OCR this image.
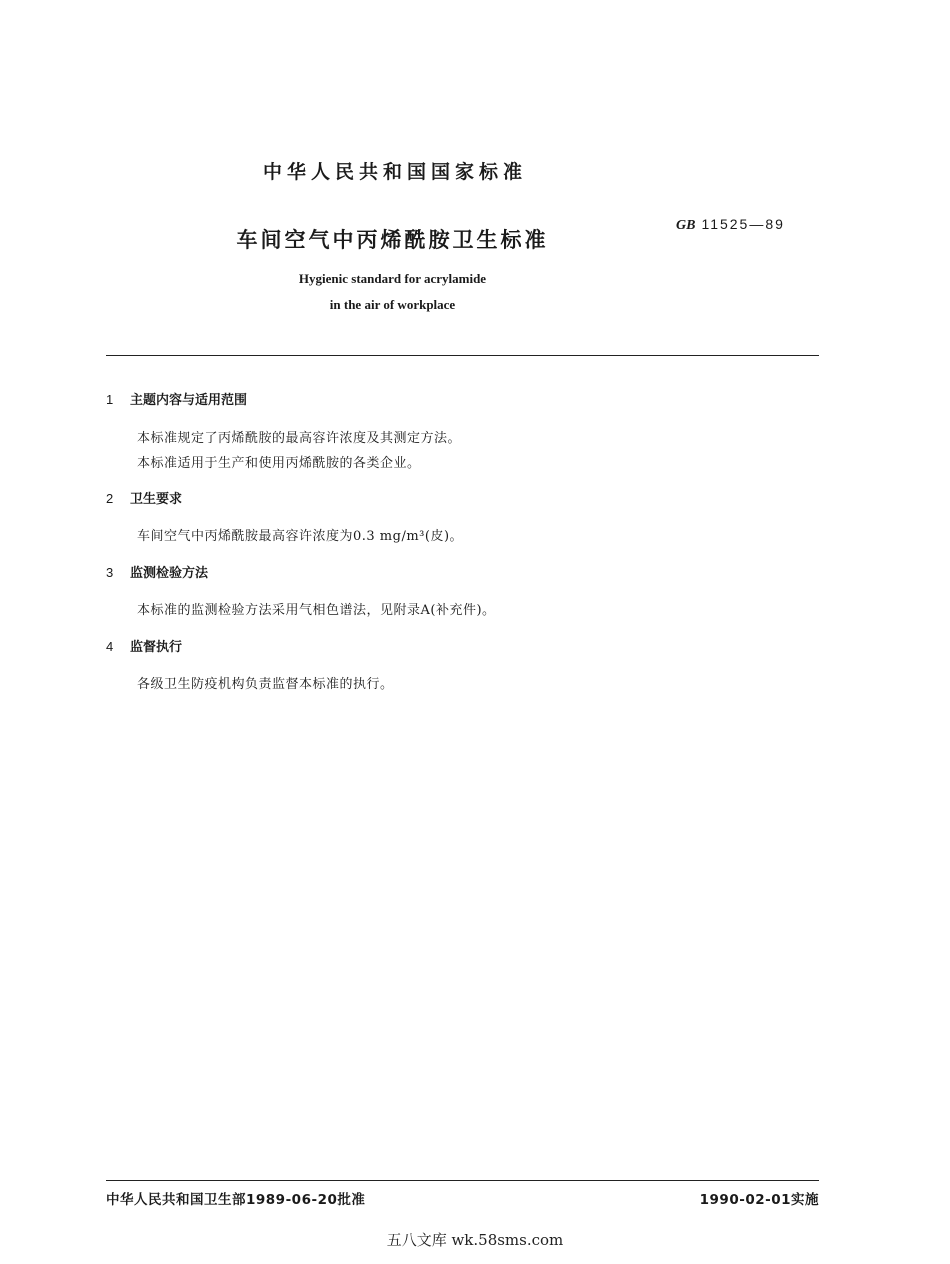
中华人民共和国国家标准
车间空气中丙烯酰胺卫生标准
GB 11525—89
Hygienic standard for acrylamide
in the air of workplace
1 主题内容与适用范围
本标准规定了丙烯酰胺的最高容许浓度及其测定方法。
本标准适用于生产和使用丙烯酰胺的各类企业。
2 卫生要求
车间空气中丙烯酰胺最高容许浓度为0.3 mg/m³(皮)。
3 监测检验方法
本标准的监测检验方法采用气相色谱法，见附录A(补充件)。
4 监督执行
各级卫生防疫机构负责监督本标准的执行。
中华人民共和国卫生部1989-06-20批准	1990-02-01实施
五八文库 wk.58sms.com
